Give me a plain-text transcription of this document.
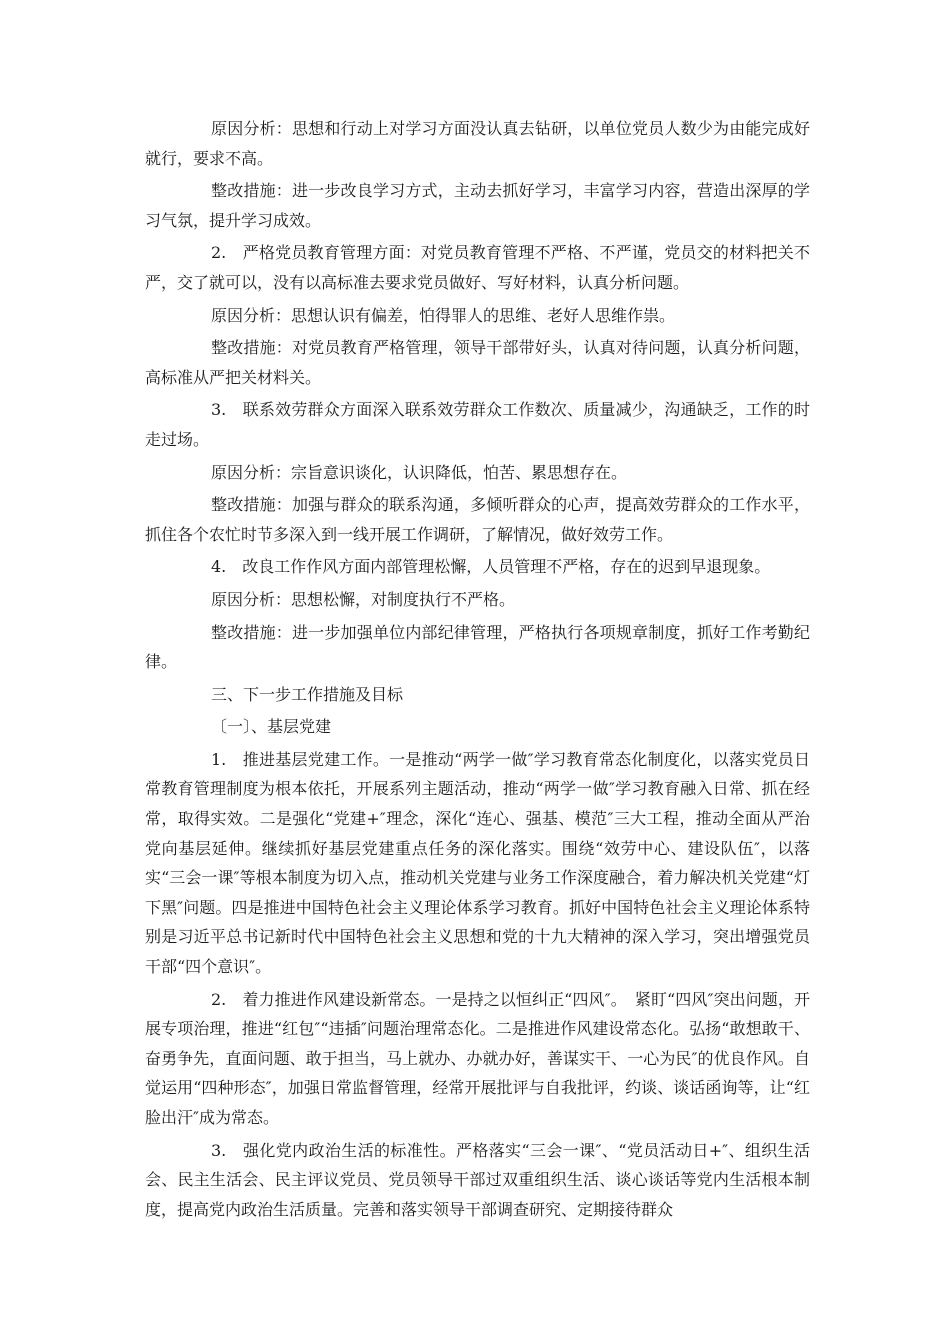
原因分析：思想和行动上对学习方面没认真去钻研，以单位党员人数少为由能完成好就行，要求不高。

整改措施：进一步改良学习方式，主动去抓好学习，丰富学习内容，营造出深厚的学习气氛，提升学习成效。

2.　严格党员教育管理方面：对党员教育管理不严格、不严谨，党员交的材料把关不严，交了就可以，没有以高标准去要求党员做好、写好材料，认真分析问题。

原因分析：思想认识有偏差，怕得罪人的思维、老好人思维作祟。

整改措施：对党员教育严格管理，领导干部带好头，认真对待问题，认真分析问题，高标准从严把关材料关。

3.　联系效劳群众方面深入联系效劳群众工作数次、质量减少，沟通缺乏，工作的时走过场。

原因分析：宗旨意识谈化，认识降低，怕苦、累思想存在。

整改措施：加强与群众的联系沟通，多倾听群众的心声，提高效劳群众的工作水平，抓住各个农忙时节多深入到一线开展工作调研，了解情况，做好效劳工作。

4.　改良工作作风方面内部管理松懈，人员管理不严格，存在的迟到早退现象。

原因分析：思想松懈，对制度执行不严格。

整改措施：进一步加强单位内部纪律管理，严格执行各项规章制度，抓好工作考勤纪律。

三、下一步工作措施及目标

〔一〕、基层党建

1.　推进基层党建工作。一是推动“两学一做″学习教育常态化制度化，以落实党员日常教育管理制度为根本依托，开展系列主题活动，推动“两学一做″学习教育融入日常、抓在经常，取得实效。二是强化“党建+″理念，深化“连心、强基、模范″三大工程，推动全面从严治党向基层延伸。继续抓好基层党建重点任务的深化落实。围绕“效劳中心、建设队伍″，以落实“三会一课″等根本制度为切入点，推动机关党建与业务工作深度融合，着力解决机关党建“灯下黑″问题。四是推进中国特色社会主义理论体系学习教育。抓好中国特色社会主义理论体系特别是习近平总书记新时代中国特色社会主义思想和党的十九大精神的深入学习，突出增强党员干部“四个意识″。

2.　着力推进作风建设新常态。一是持之以恒纠正“四风″。　紧盯“四风″突出问题，开展专项治理，推进“红包″“违插″问题治理常态化。二是推进作风建设常态化。弘扬“敢想敢干、奋勇争先，直面问题、敢于担当，马上就办、办就办好，善谋实干、一心为民″的优良作风。自觉运用“四种形态″，加强日常监督管理，经常开展批评与自我批评，约谈、谈话函询等，让“红脸出汗″成为常态。

3.　强化党内政治生活的标准性。严格落实“三会一课″、“党员活动日+″、组织生活会、民主生活会、民主评议党员、党员领导干部过双重组织生活、谈心谈话等党内生活根本制度，提高党内政治生活质量。完善和落实领导干部调查研究、定期接待群众
